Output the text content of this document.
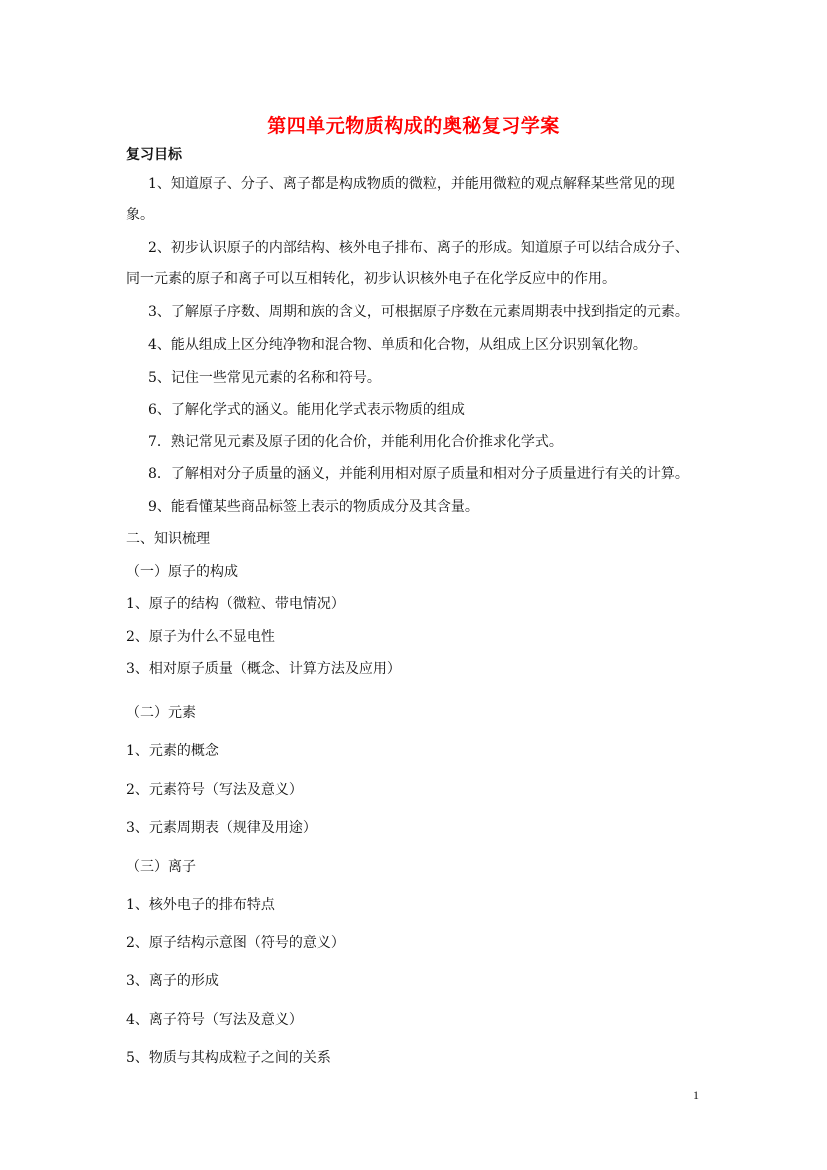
第四单元物质构成的奥秘复习学案
复习目标
1、知道原子、分子、离子都是构成物质的微粒，并能用微粒的观点解释某些常见的现
象。
2、初步认识原子的内部结构、核外电子排布、离子的形成。知道原子可以结合成分子、
同一元素的原子和离子可以互相转化，初步认识核外电子在化学反应中的作用。
3、了解原子序数、周期和族的含义，可根据原子序数在元素周期表中找到指定的元素。
4、能从组成上区分纯净物和混合物、单质和化合物，从组成上区分识别氧化物。
5、记住一些常见元素的名称和符号。
6、了解化学式的涵义。能用化学式表示物质的组成
7．熟记常见元素及原子团的化合价，并能利用化合价推求化学式。
8．了解相对分子质量的涵义，并能利用相对原子质量和相对分子质量进行有关的计算。
9、能看懂某些商品标签上表示的物质成分及其含量。
二、知识梳理
（一）原子的构成
1、原子的结构（微粒、带电情况）
2、原子为什么不显电性
3、相对原子质量（概念、计算方法及应用）
（二）元素
1、元素的概念
2、元素符号（写法及意义）
3、元素周期表（规律及用途）
（三）离子
1、核外电子的排布特点
2、原子结构示意图（符号的意义）
3、离子的形成
4、离子符号（写法及意义）
5、物质与其构成粒子之间的关系
1
